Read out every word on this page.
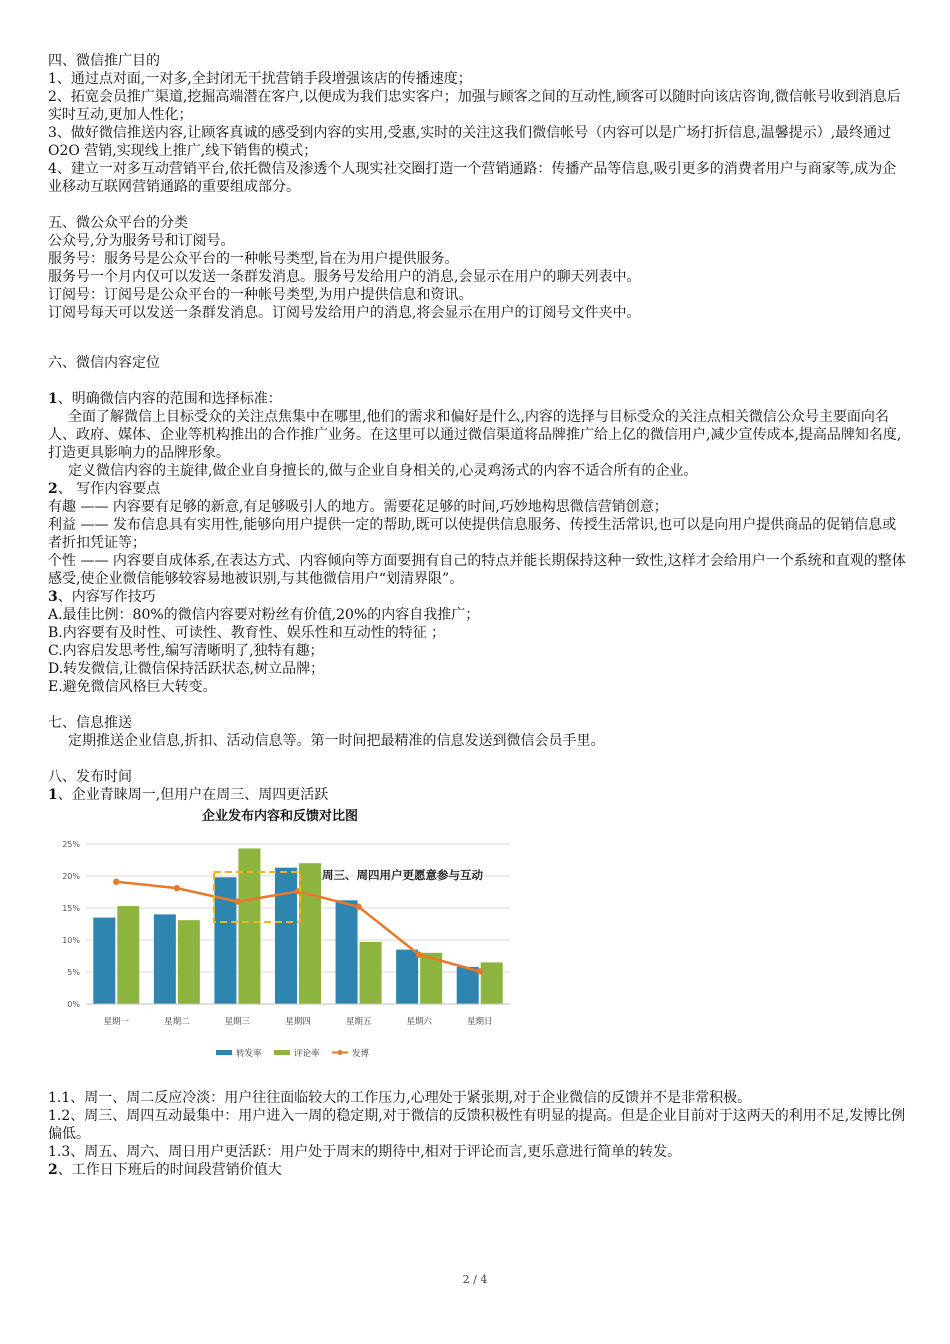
四、微信推广目的

1、通过点对面,一对多,全封闭无干扰营销手段增强该店的传播速度；

2、拓宽会员推广渠道,挖掘高端潜在客户,以便成为我们忠实客户；加强与顾客之间的互动性,顾客可以随时向该店咨询,微信帐号收到消息后实时互动,更加人性化；

3、做好微信推送内容,让顾客真诚的感受到内容的实用,受惠,实时的关注这我们微信帐号（内容可以是广场打折信息,温馨提示）,最终通过 O2O 营销,实现线上推广,线下销售的模式；

4、建立一对多互动营销平台,依托微信及渗透个人现实社交圈打造一个营销通路：传播产品等信息,吸引更多的消费者用户与商家等,成为企业移动互联网营销通路的重要组成部分。

五、微公众平台的分类

公众号,分为服务号和订阅号。

服务号：服务号是公众平台的一种帐号类型,旨在为用户提供服务。

服务号一个月内仅可以发送一条群发消息。服务号发给用户的消息,会显示在用户的聊天列表中。

订阅号：订阅号是公众平台的一种帐号类型,为用户提供信息和资讯。

订阅号每天可以发送一条群发消息。订阅号发给用户的消息,将会显示在用户的订阅号文件夹中。

六、微信内容定位

1、明确微信内容的范围和选择标准：

全面了解微信上目标受众的关注点焦集中在哪里,他们的需求和偏好是什么,内容的选择与目标受众的关注点相关微信公众号主要面向名人、政府、媒体、企业等机构推出的合作推广业务。在这里可以通过微信渠道将品牌推广给上亿的微信用户,减少宣传成本,提高品牌知名度,打造更具影响力的品牌形象。

定义微信内容的主旋律,做企业自身擅长的,做与企业自身相关的,心灵鸡汤式的内容不适合所有的企业。

2、 写作内容要点

有趣 —— 内容要有足够的新意,有足够吸引人的地方。需要花足够的时间,巧妙地构思微信营销创意；

利益 —— 发布信息具有实用性,能够向用户提供一定的帮助,既可以使提供信息服务、传授生活常识,也可以是向用户提供商品的促销信息或者折扣凭证等；

个性 —— 内容要自成体系,在表达方式、内容倾向等方面要拥有自己的特点并能长期保持这种一致性,这样才会给用户一个系统和直观的整体感受,使企业微信能够较容易地被识别,与其他微信用户“划清界限”。

3、内容写作技巧

A.最佳比例：80%的微信内容要对粉丝有价值,20%的内容自我推广；

B.内容要有及时性、可读性、教育性、娱乐性和互动性的特征 ；

C.内容启发思考性,编写清晰明了,独特有趣；

D.转发微信,让微信保持活跃状态,树立品牌；

E.避免微信风格巨大转变。

七、信息推送

定期推送企业信息,折扣、活动信息等。第一时间把最精准的信息发送到微信会员手里。

八、发布时间

1、企业青睐周一,但用户在周三、周四更活跃

企业发布内容和反馈对比图
0%
5%
10%
15%
20%
25%
星期一	星期二	星期三	星期四	星期五	星期六	星期日
周三、周四用户更愿意参与互动
转发率	评论率	发博

1.1、周一、周二反应冷淡：用户往往面临较大的工作压力,心理处于紧张期,对于企业微信的反馈并不是非常积极。

1.2、周三、周四互动最集中：用户进入一周的稳定期,对于微信的反馈积极性有明显的提高。但是企业目前对于这两天的利用不足,发博比例偏低。

1.3、周五、周六、周日用户更活跃：用户处于周末的期待中,相对于评论而言,更乐意进行简单的转发。

2、工作日下班后的时间段营销价值大

2 / 4
